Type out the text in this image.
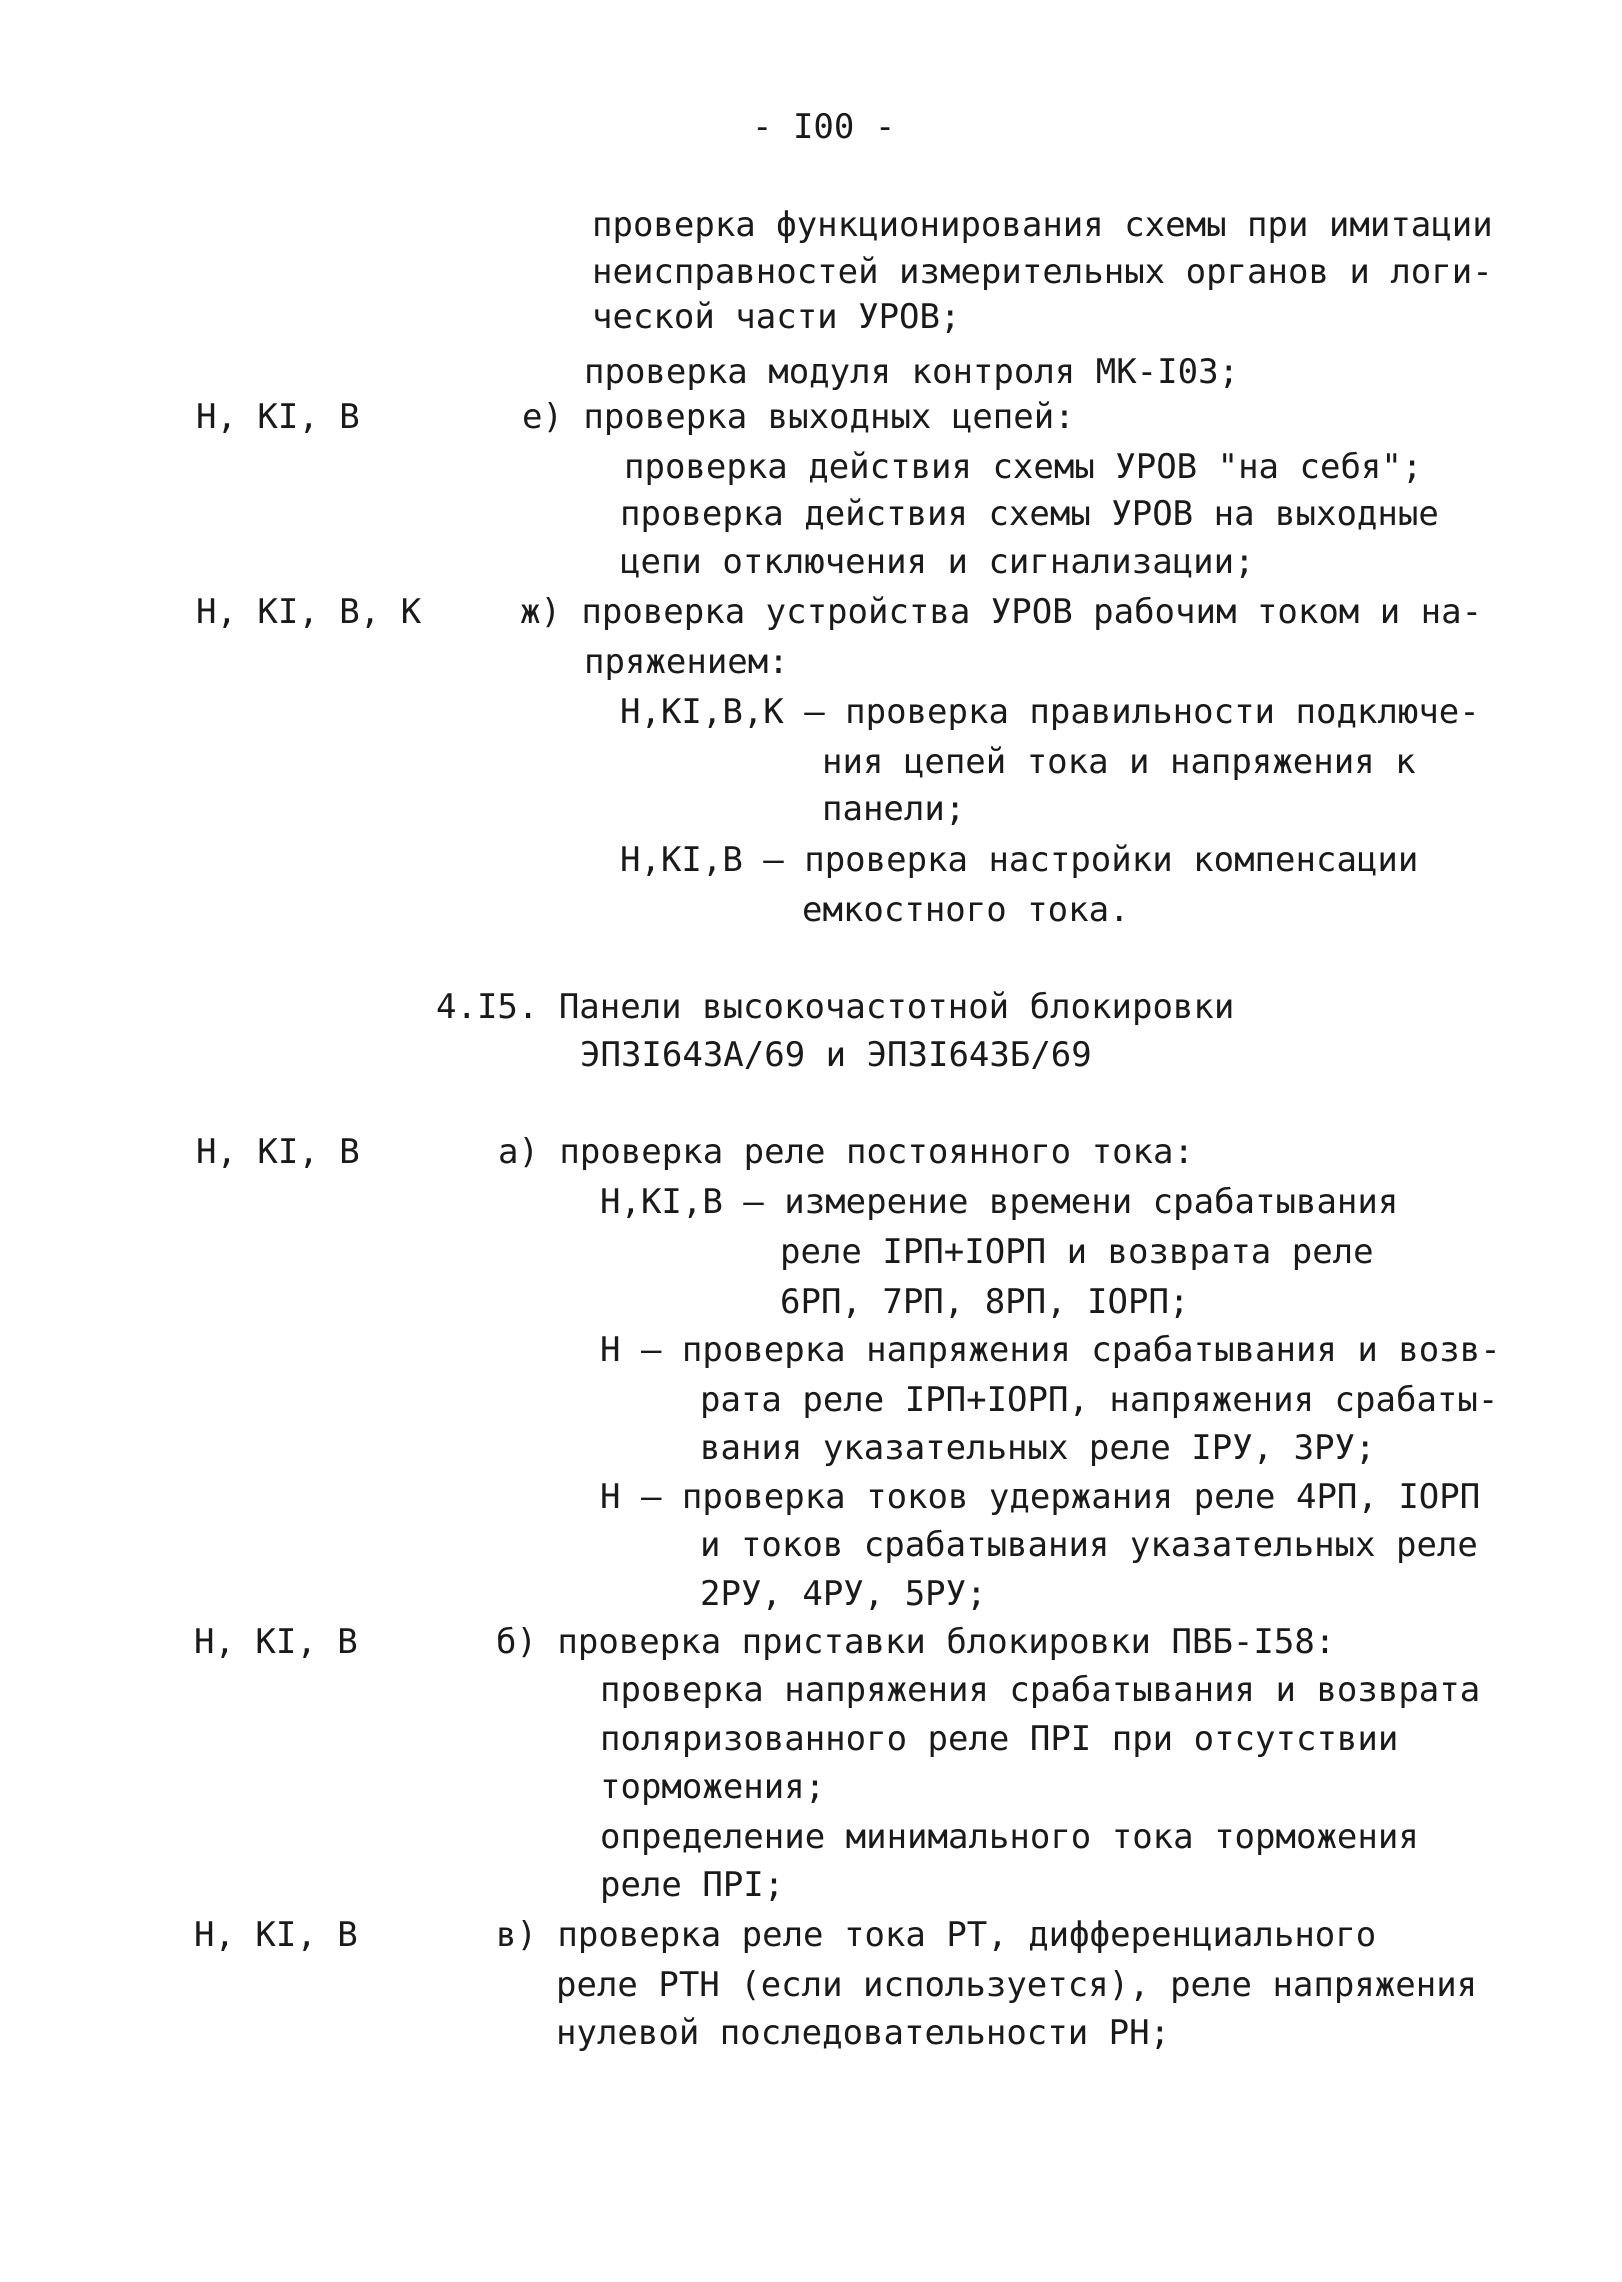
- I00 -
проверка функционирования схемы при имитации
неисправностей измерительных органов и логи-
ческой части УРОВ;
проверка модуля контроля МК-I03;
Н, КI, В	е) проверка выходных цепей:
проверка действия схемы УРОВ "на себя";
проверка действия схемы УРОВ на выходные
цепи отключения и сигнализации;
Н, КI, В, К	ж) проверка устройства УРОВ рабочим током и на-
пряжением:
Н,КI,В,К – проверка правильности подключе-
ния цепей тока и напряжения к
панели;
Н,КI,В – проверка настройки компенсации
емкостного тока.
4.I5. Панели высокочастотной блокировки
ЭП3I643А/69 и ЭП3I643Б/69
Н, КI, В	а) проверка реле постоянного тока:
Н,КI,В – измерение времени срабатывания
реле IРП+IОРП и возврата реле
6РП, 7РП, 8РП, IОРП;
Н – проверка напряжения срабатывания и возв-
рата реле IРП+IОРП, напряжения срабаты-
вания указательных реле IРУ, 3РУ;
Н – проверка токов удержания реле 4РП, IОРП
и токов срабатывания указательных реле
2РУ, 4РУ, 5РУ;
Н, КI, В	б) проверка приставки блокировки ПВБ-I58:
проверка напряжения срабатывания и возврата
поляризованного реле ПРI при отсутствии
торможения;
определение минимального тока торможения
реле ПРI;
Н, КI, В	в) проверка реле тока РТ, дифференциального
реле РТН (если используется), реле напряжения
нулевой последовательности РН;
